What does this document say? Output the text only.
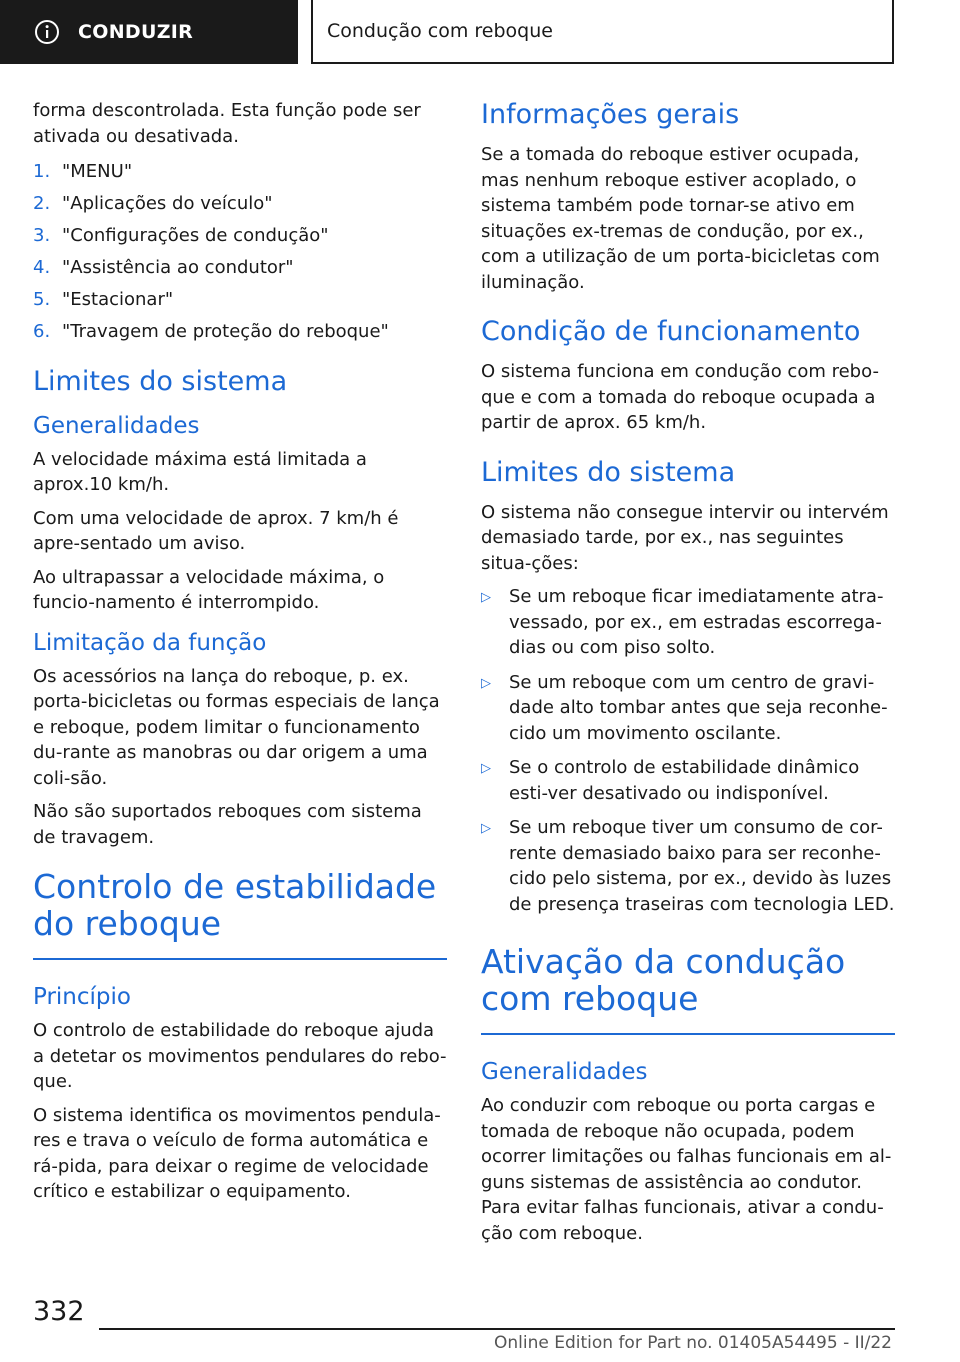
CONDUZIR	Condução com reboque

forma descontrolada. Esta função pode ser ativada ou desativada.

1. "MENU"
2. "Aplicações do veículo"
3. "Configurações de condução"
4. "Assistência ao condutor"
5. "Estacionar"
6. "Travagem de proteção do reboque"
Limites do sistema
Generalidades

A velocidade máxima está limitada a aprox.10 km/h.

Com uma velocidade de aprox. 7 km/h é apre-sentado um aviso.

Ao ultrapassar a velocidade máxima, o funcio-namento é interrompido.

Limitação da função

Os acessórios na lança do reboque, p. ex. porta-bicicletas ou formas especiais de lança e reboque, podem limitar o funcionamento du-rante as manobras ou dar origem a uma coli-são.

Não são suportados reboques com sistema de travagem.

Controlo de estabilidade do reboque
Princípio

O controlo de estabilidade do reboque ajuda a detetar os movimentos pendulares do rebo-que.

O sistema identifica os movimentos pendula-res e trava o veículo de forma automática e rá-pida, para deixar o regime de velocidade crítico e estabilizar o equipamento.

Informações gerais

Se a tomada do reboque estiver ocupada, mas nenhum reboque estiver acoplado, o sistema também pode tornar-se ativo em situações ex-tremas de condução, por ex., com a utilização de um porta-bicicletas com iluminação.

Condição de funcionamento

O sistema funciona em condução com rebo-que e com a tomada do reboque ocupada a partir de aprox. 65 km/h.

Limites do sistema

O sistema não consegue intervir ou intervém demasiado tarde, por ex., nas seguintes situa-ções:

▷	Se um reboque ficar imediatamente atra-vessado, por ex., em estradas escorrega-dias ou com piso solto.
▷	Se um reboque com um centro de gravi-dade alto tombar antes que seja reconhe-cido um movimento oscilante.
▷	Se o controlo de estabilidade dinâmico esti-ver desativado ou indisponível.
▷	Se um reboque tiver um consumo de cor-rente demasiado baixo para ser reconhe-cido pelo sistema, por ex., devido às luzes de presença traseiras com tecnologia LED.
Ativação da condução com reboque
Generalidades

Ao conduzir com reboque ou porta cargas e tomada de reboque não ocupada, podem ocorrer limitações ou falhas funcionais em al-guns sistemas de assistência ao condutor. Para evitar falhas funcionais, ativar a condu-ção com reboque.

332
Online Edition for Part no. 01405A54495 - II/22
